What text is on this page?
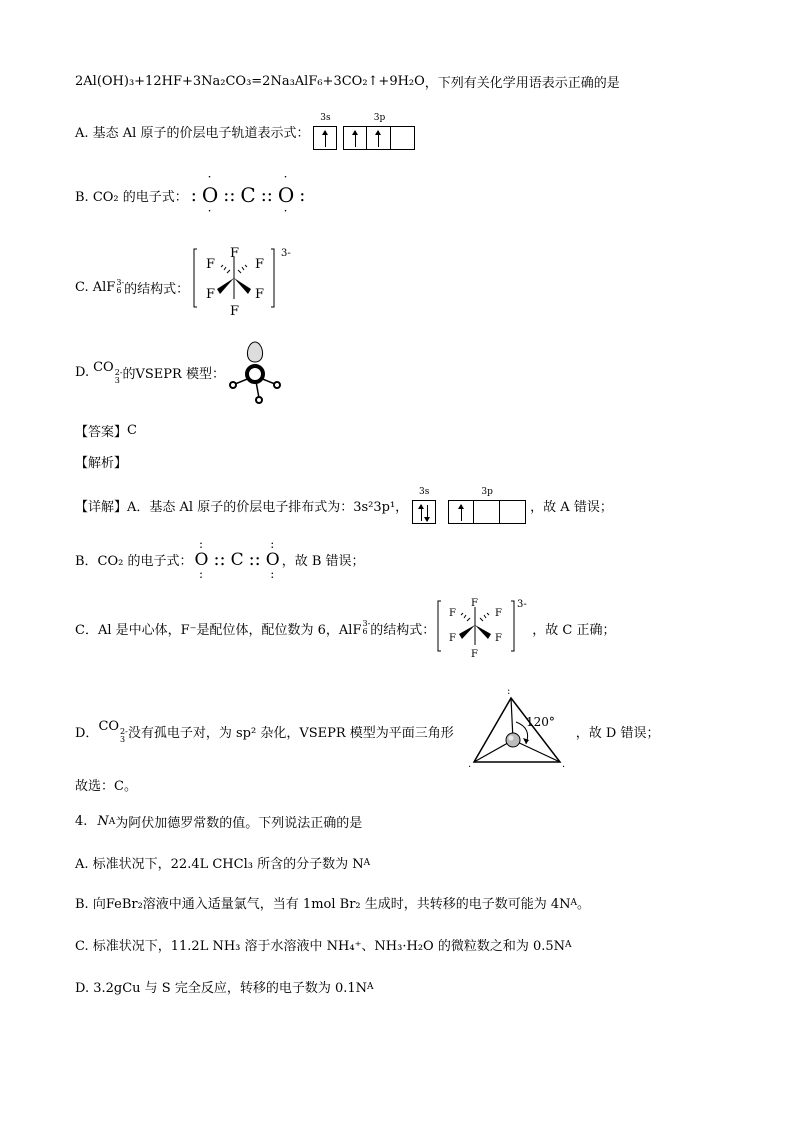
2Al(OH)₃+12HF+3Na₂CO₃=2Na₃AlF₆+3CO₂↑+9H₂O ，下列有关化学用语表示正确的是
A. 基态 Al 原子的价层电子轨道表示式：
3s	3p
B. CO₂ 的电子式： :
·
O
·
:: C ::
·
O
·
:
C. AlF 3-
6 的结构式：
3-
F
F
F	F
F	F
D. CO 2-
3 的VSEPR 模型：
【答案】 C
【解析】
【详解】A．基态 Al 原子的价层电子排布式为：3s²3p¹，
3s	3p
，故 A 错误；
B．CO₂ 的电子式：
:
O
:
:: C ::
:
O
:
，故 B 错误；
C．Al 是中心体，F⁻是配位体，配位数为 6，AlF 3-
6 的结构式：
3-
F
F
F	F
F	F
，故 C 正确；
D． CO 2-
3 没有孤电子对，为 sp² 杂化，VSEPR 模型为平面三角形
120°
:
·	·
，故 D 错误；
故选：C。
4. N A 为阿伏加德罗常数的值。下列说法正确的是
A. 标准状况下，22.4L CHCl₃ 所含的分子数为 N A
B. 向FeBr₂溶液中通入适量氯气，当有 1mol Br₂ 生成时，共转移的电子数可能为 4N A 。
C. 标准状况下，11.2L NH₃ 溶于水溶液中 NH₄⁺、NH₃·H₂O 的微粒数之和为 0.5N A
D. 3.2gCu 与 S 完全反应，转移的电子数为 0.1N A
